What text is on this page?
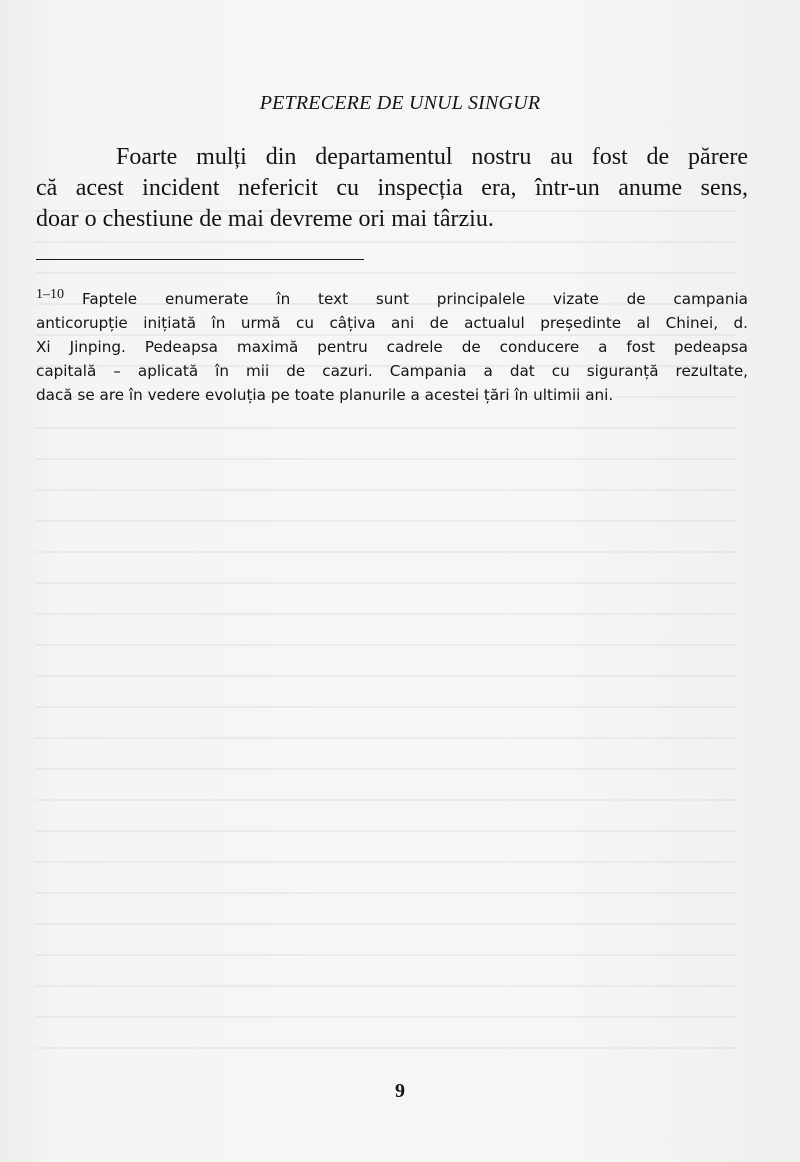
PETRECERE DE UNUL SINGUR
Foarte mulți din departamentul nostru au fost de părere
că acest incident nefericit cu inspecția era, într-un anume sens,
doar o chestiune de mai devreme ori mai târziu.
1–10 Faptele enumerate în text sunt principalele vizate de campania
anticorupție inițiată în urmă cu câțiva ani de actualul președinte al Chinei, d.
Xi Jinping. Pedeapsa maximă pentru cadrele de conducere a fost pedeapsa
capitală – aplicată în mii de cazuri. Campania a dat cu siguranță rezultate,
dacă se are în vedere evoluția pe toate planurile a acestei țări în ultimii ani.
9
